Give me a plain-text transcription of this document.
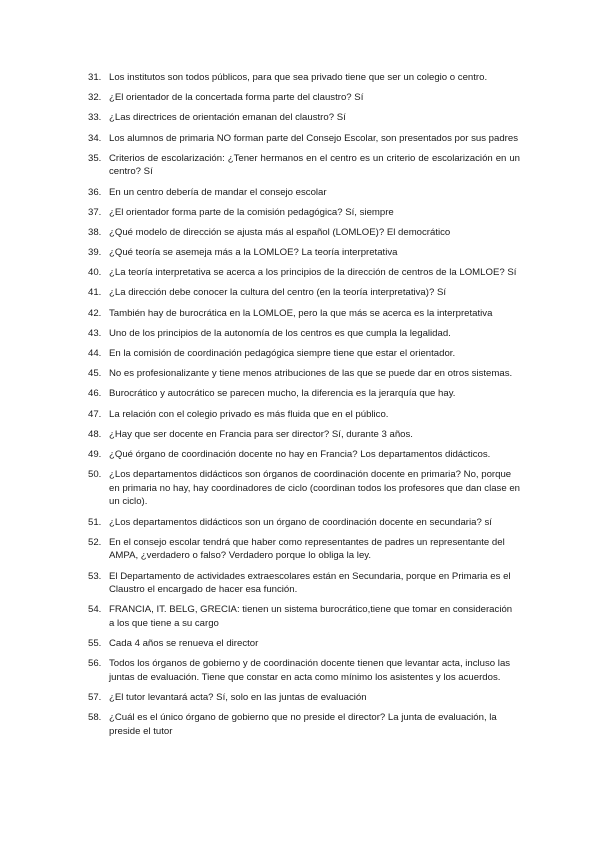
31. Los institutos son todos públicos, para que sea privado tiene que ser un colegio o centro.
32. ¿El orientador de la concertada forma parte del claustro? Sí
33. ¿Las directrices de orientación emanan del claustro? Sí
34. Los alumnos de primaria NO forman parte del Consejo Escolar, son presentados por sus padres
35. Criterios de escolarización: ¿Tener hermanos en el centro es un criterio de escolarización en un centro? Sí
36. En un centro debería de mandar el consejo escolar
37. ¿El orientador forma parte de la comisión pedagógica? Sí, siempre
38. ¿Qué modelo de dirección se ajusta más al español (LOMLOE)? El democrático
39. ¿Qué teoría se asemeja más a la LOMLOE? La teoría interpretativa
40. ¿La teoría interpretativa se acerca a los principios de la dirección de centros de la LOMLOE? Sí
41. ¿La dirección debe conocer la cultura del centro (en la teoría interpretativa)? Sí
42. También hay de burocrática en la LOMLOE, pero la que más se acerca es la interpretativa
43. Uno de los principios de la autonomía de los centros es que cumpla la legalidad.
44. En la comisión de coordinación pedagógica siempre tiene que estar el orientador.
45. No es profesionalizante y tiene menos atribuciones de las que se puede dar en otros sistemas.
46. Burocrático y autocrático se parecen mucho, la diferencia es la jerarquía que hay.
47. La relación con el colegio privado es más fluida que en el público.
48. ¿Hay que ser docente en Francia para ser director? Sí, durante 3 años.
49. ¿Qué órgano de coordinación docente no hay en Francia? Los departamentos didácticos.
50. ¿Los departamentos didácticos son órganos de coordinación docente en primaria? No, porque en primaria no hay, hay coordinadores de ciclo (coordinan todos los profesores que dan clase en un ciclo).
51. ¿Los departamentos didácticos son un órgano de coordinación docente en secundaria? sí
52. En el consejo escolar tendrá que haber como representantes de padres un representante del AMPA, ¿verdadero o falso? Verdadero porque lo obliga la ley.
53. El Departamento de actividades extraescolares están en Secundaria, porque en Primaria es el Claustro el encargado de hacer esa función.
54. FRANCIA, IT. BELG, GRECIA: tienen un sistema burocrático,tiene que tomar en consideración a los que tiene a su cargo
55. Cada 4 años se renueva el director
56. Todos los órganos de gobierno y de coordinación docente tienen que levantar acta, incluso las juntas de evaluación. Tiene que constar en acta como mínimo los asistentes y los acuerdos.
57. ¿El tutor levantará acta? Sí, solo en las juntas de evaluación
58. ¿Cuál es el único órgano de gobierno que no preside el director? La junta de evaluación, la preside el tutor
